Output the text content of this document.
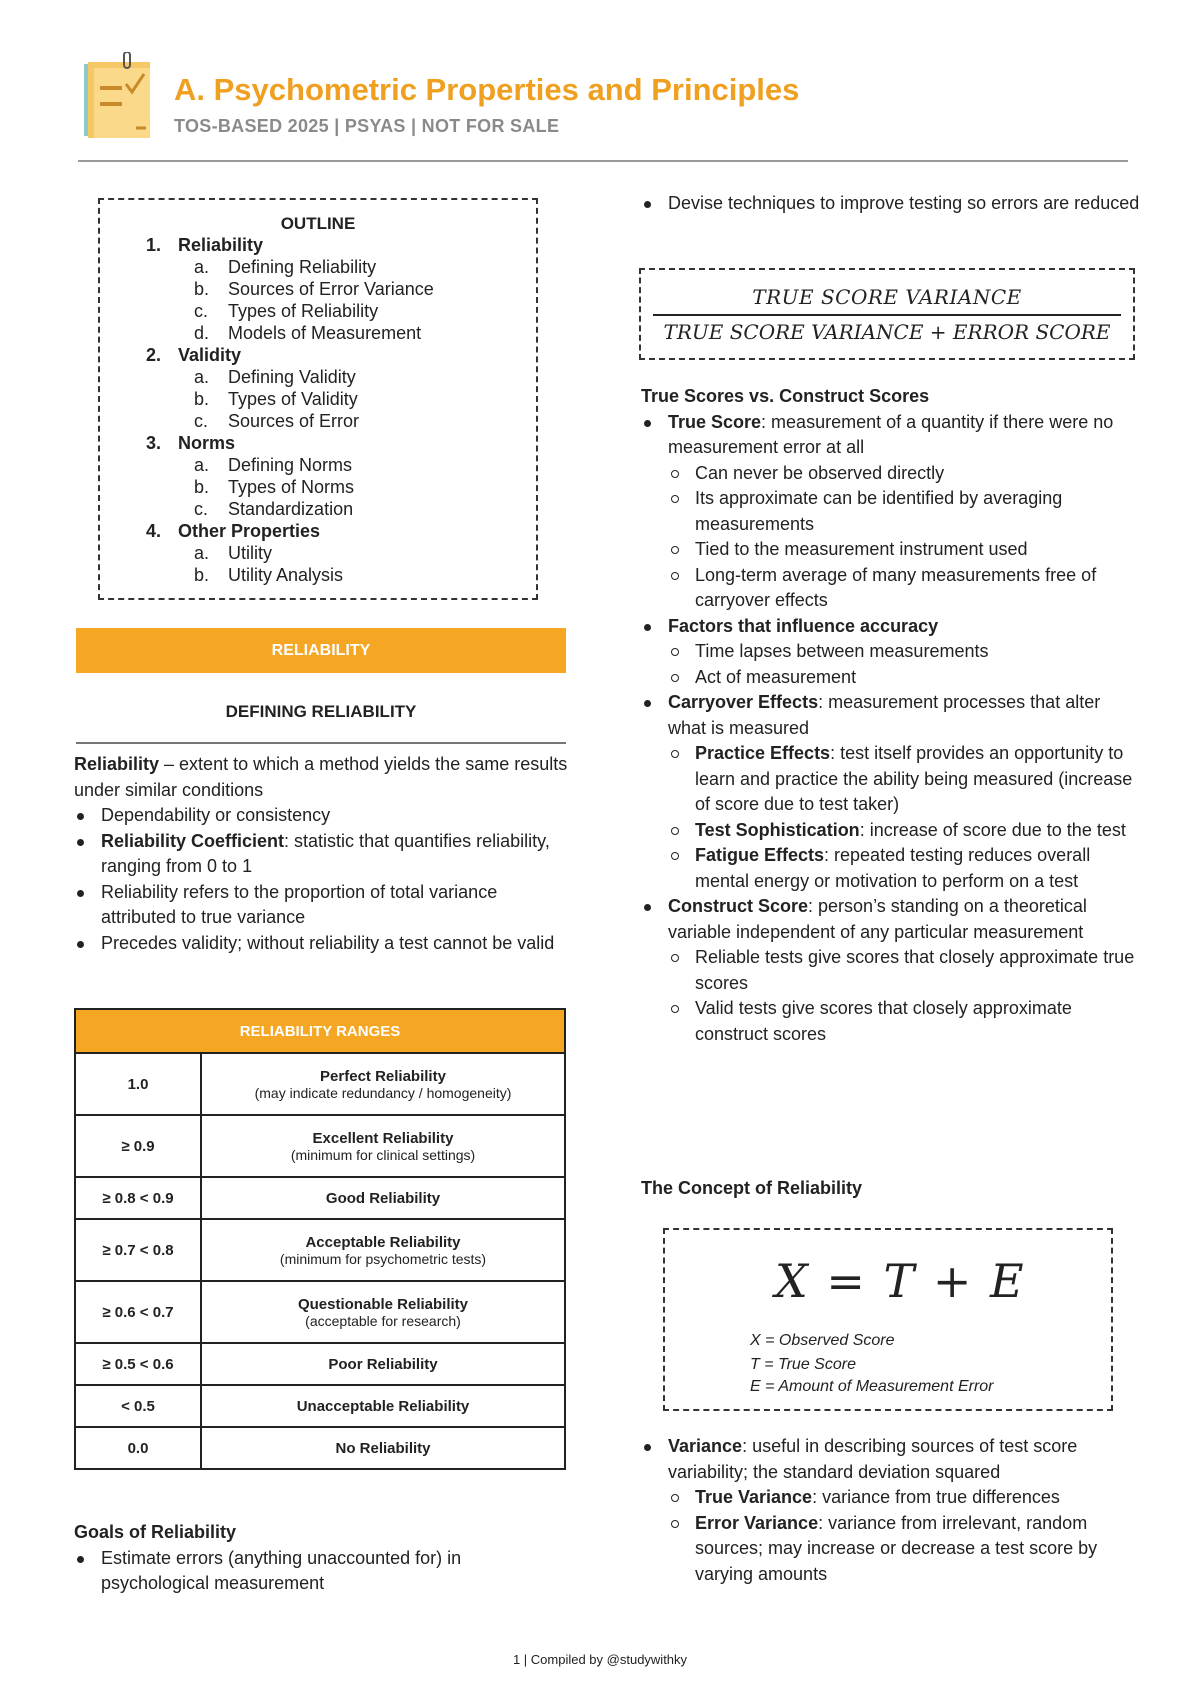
A. Psychometric Properties and Principles
TOS-BASED 2025 | PSYAS | NOT FOR SALE
OUTLINE
1. Reliability
a. Defining Reliability
b. Sources of Error Variance
c. Types of Reliability
d. Models of Measurement
2. Validity
a. Defining Validity
b. Types of Validity
c. Sources of Error
3. Norms
a. Defining Norms
b. Types of Norms
c. Standardization
4. Other Properties
a. Utility
b. Utility Analysis
RELIABILITY
DEFINING RELIABILITY
Reliability – extent to which a method yields the same results under similar conditions
Dependability or consistency
Reliability Coefficient: statistic that quantifies reliability, ranging from 0 to 1
Reliability refers to the proportion of total variance attributed to true variance
Precedes validity; without reliability a test cannot be valid
RELIABILITY RANGES	
1.0	Perfect Reliability
(may indicate redundancy / homogeneity)

≥ 0.9	Excellent Reliability
(minimum for clinical settings)

≥ 0.8 < 0.9	Good Reliability

≥ 0.7 < 0.8	Acceptable Reliability
(minimum for psychometric tests)

≥ 0.6 < 0.7	Questionable Reliability
(acceptable for research)

≥ 0.5 < 0.6	Poor Reliability

< 0.5	Unacceptable Reliability

0.0	No Reliability
Goals of Reliability
Estimate errors (anything unaccounted for) in psychological measurement
Devise techniques to improve testing so errors are reduced
TRUE SCORE VARIANCE
TRUE SCORE VARIANCE + ERROR SCORE
True Scores vs. Construct Scores
True Score: measurement of a quantity if there were no measurement error at all
Can never be observed directly
Its approximate can be identified by averaging measurements
Tied to the measurement instrument used
Long-term average of many measurements free of carryover effects
Factors that influence accuracy
Time lapses between measurements
Act of measurement
Carryover Effects: measurement processes that alter what is measured
Practice Effects: test itself provides an opportunity to learn and practice the ability being measured (increase of score due to test taker)
Test Sophistication: increase of score due to the test
Fatigue Effects: repeated testing reduces overall mental energy or motivation to perform on a test
Construct Score: person’s standing on a theoretical variable independent of any particular measurement
Reliable tests give scores that closely approximate true scores
Valid tests give scores that closely approximate construct scores
The Concept of Reliability
X = T + E
X = Observed Score
T = True Score
E = Amount of Measurement Error
Variance: useful in describing sources of test score variability; the standard deviation squared
True Variance: variance from true differences
Error Variance: variance from irrelevant, random sources; may increase or decrease a test score by varying amounts
1 | Compiled by @studywithky
